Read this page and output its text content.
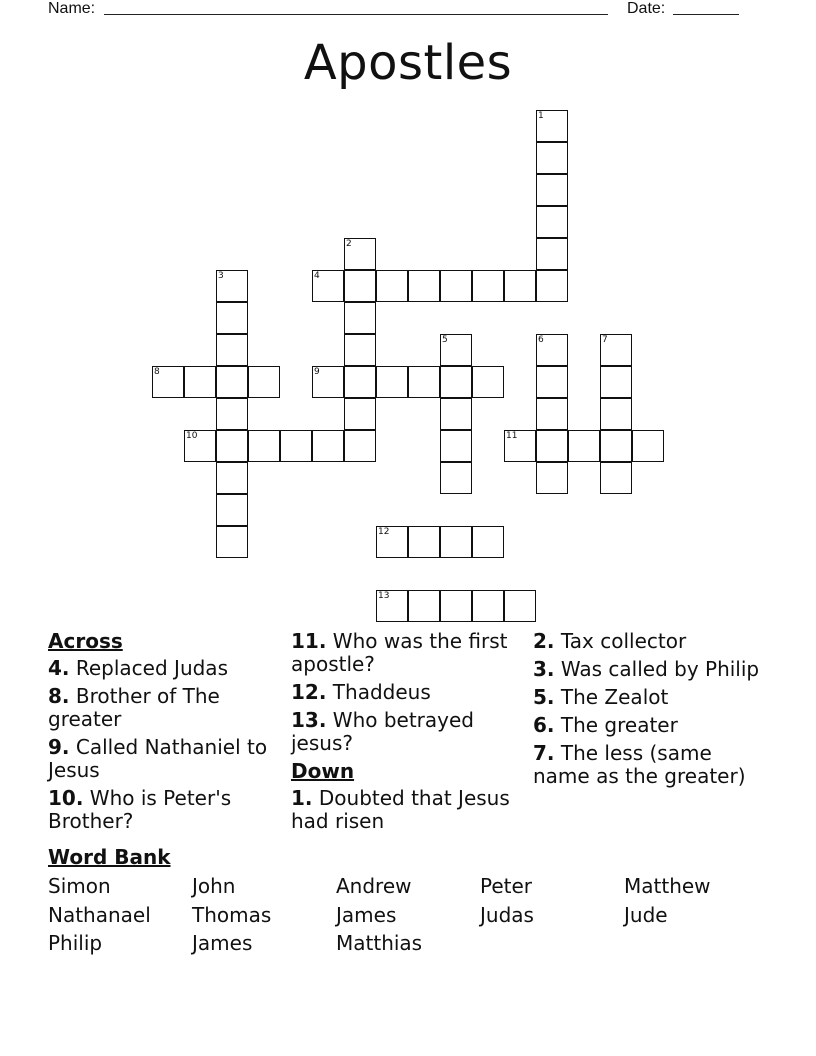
Name:	Date:
Apostles
1
2
3	4
5	6	7
8	9
10	11
12
13
Across
4. Replaced Judas
8. Brother of The greater
9. Called Nathaniel to Jesus
10. Who is Peter's Brother?
11. Who was the first apostle?
12. Thaddeus
13. Who betrayed jesus?
Down
1. Doubted that Jesus had risen
2. Tax collector
3. Was called by Philip
5. The Zealot
6. The greater
7. The less (same name as the greater)
Word Bank
Simon	John	Andrew	Peter	Matthew
Nathanael	Thomas	James	Judas	Jude
Philip	James	Matthias
